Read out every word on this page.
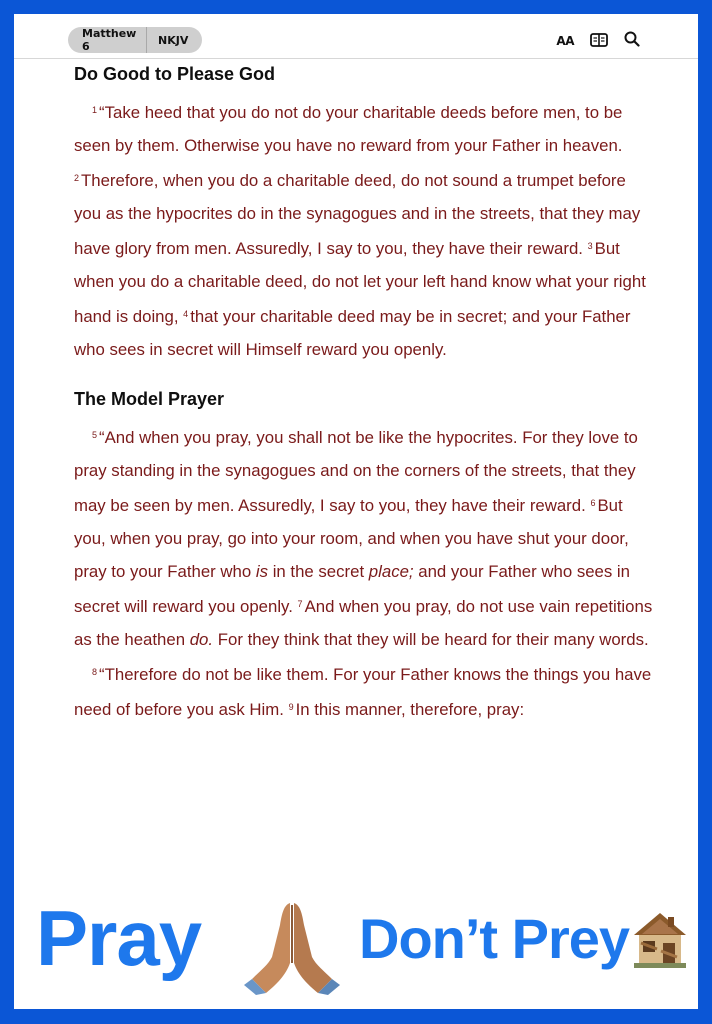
Matthew 6	NKJV	AA
Do Good to Please God

$^1$ “Take heed that you do not do your charitable deeds before men, to be seen by them. Otherwise you have no reward from your Father in heaven. $^2$ Therefore, when you do a charitable deed, do not sound a trumpet before you as the hypocrites do in the synagogues and in the streets, that they may have glory from men. Assuredly, I say to you, they have their reward. $^3$ But when you do a charitable deed, do not let your left hand know what your right hand is doing, $^4$ that your charitable deed may be in secret; and your Father who sees in secret will Himself reward you openly.

The Model Prayer

$^5$ “And when you pray, you shall not be like the hypocrites. For they love to pray standing in the synagogues and on the corners of the streets, that they may be seen by men. Assuredly, I say to you, they have their reward. $^6$ But you, when you pray, go into your room, and when you have shut your door, pray to your Father who is in the secret place; and your Father who sees in secret will reward you openly. $^7$ And when you pray, do not use vain repetitions as the heathen do. For they think that they will be heard for their many words.

$^8$ “Therefore do not be like them. For your Father knows the things you have need of before you ask Him. $^9$ In this manner, therefore, pray:

Pray	Don’t Prey
